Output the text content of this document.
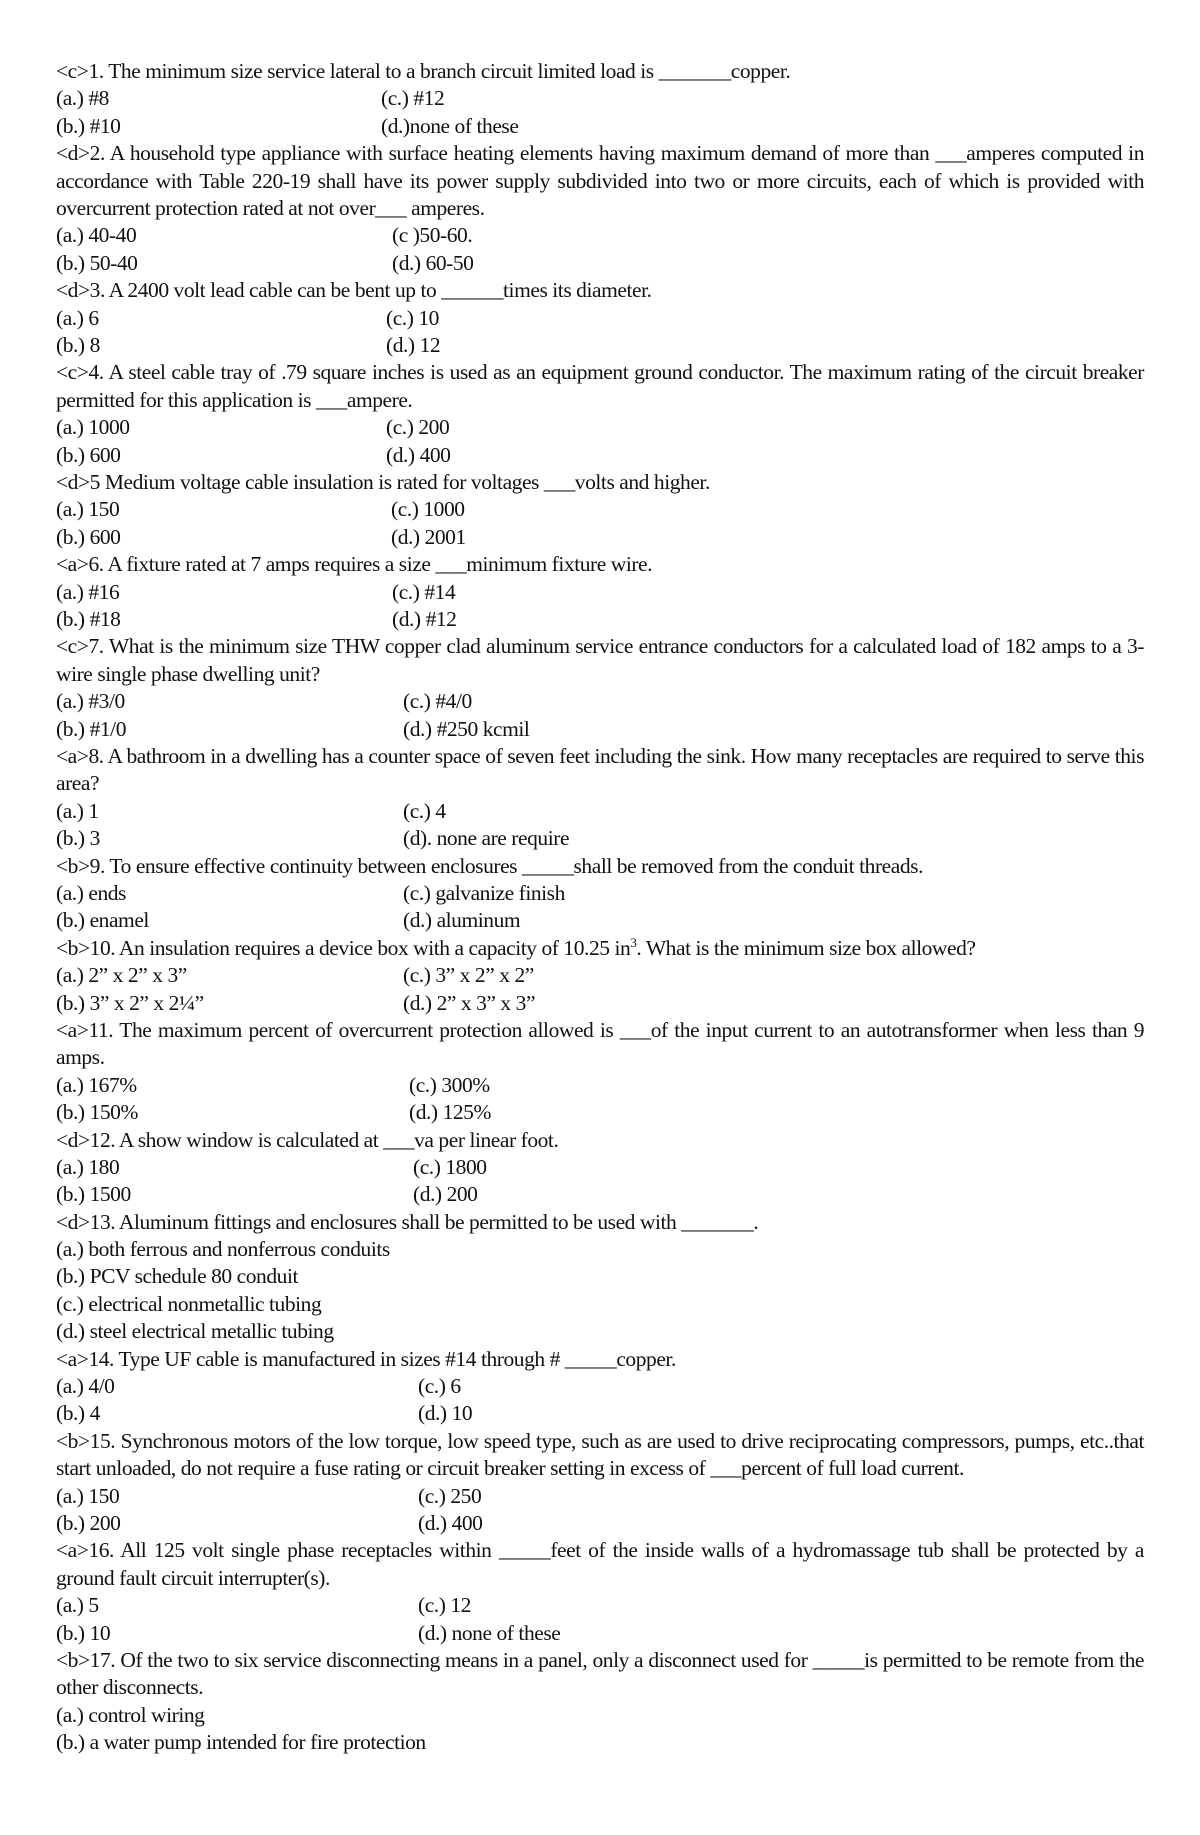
<c>1. The minimum size service lateral to a branch circuit limited load is _______copper.

(a.) #8	(c.) #12
(b.) #10	(d.)none of these

<d>2. A household type appliance with surface heating elements having maximum demand of more than ___amperes computed in accordance with Table 220-19 shall have its power supply subdivided into two or more circuits, each of which is provided with overcurrent protection rated at not over___ amperes.

(a.) 40-40	(c )50-60.
(b.) 50-40	(d.) 60-50

<d>3. A 2400 volt lead cable can be bent up to ______times its diameter.

(a.) 6	(c.) 10
(b.) 8	(d.) 12

<c>4. A steel cable tray of .79 square inches is used as an equipment ground conductor. The maximum rating of the circuit breaker permitted for this application is ___ampere.

(a.) 1000	(c.) 200
(b.) 600	(d.) 400

<d>5 Medium voltage cable insulation is rated for voltages ___volts and higher.

(a.) 150	(c.) 1000
(b.) 600	(d.) 2001

<a>6. A fixture rated at 7 amps requires a size ___minimum fixture wire.

(a.) #16	(c.) #14
(b.) #18	(d.) #12

<c>7. What is the minimum size THW copper clad aluminum service entrance conductors for a calculated load of 182 amps to a 3-wire single phase dwelling unit?

(a.) #3/0	(c.) #4/0
(b.) #1/0	(d.) #250 kcmil

<a>8. A bathroom in a dwelling has a counter space of seven feet including the sink. How many receptacles are required to serve this area?

(a.) 1	(c.) 4
(b.) 3	(d). none are require

<b>9. To ensure effective continuity between enclosures _____shall be removed from the conduit threads.

(a.) ends	(c.) galvanize finish
(b.) enamel	(d.) aluminum

<b>10. An insulation requires a device box with a capacity of 10.25 $in^3$. What is the minimum size box allowed?

(a.) 2” x 2” x 3”	(c.) 3” x 2” x 2”
(b.) 3” x 2” x 2¼”	(d.) 2” x 3” x 3”

<a>11. The maximum percent of overcurrent protection allowed is ___of the input current to an autotransformer when less than 9 amps.

(a.) 167%	(c.) 300%
(b.) 150%	(d.) 125%

<d>12. A show window is calculated at ___va per linear foot.

(a.) 180	(c.) 1800
(b.) 1500	(d.) 200

<d>13. Aluminum fittings and enclosures shall be permitted to be used with _______.

(a.) both ferrous and nonferrous conduits
(b.) PCV schedule 80 conduit
(c.) electrical nonmetallic tubing
(d.) steel electrical metallic tubing

<a>14. Type UF cable is manufactured in sizes #14 through # _____copper.

(a.) 4/0	(c.) 6
(b.) 4	(d.) 10

<b>15. Synchronous motors of the low torque, low speed type, such as are used to drive reciprocating compressors, pumps, etc..that start unloaded, do not require a fuse rating or circuit breaker setting in excess of ___percent of full load current.

(a.) 150	(c.) 250
(b.) 200	(d.) 400

<a>16. All 125 volt single phase receptacles within _____feet of the inside walls of a hydromassage tub shall be protected by a ground fault circuit interrupter(s).

(a.) 5	(c.) 12
(b.) 10	(d.) none of these

<b>17. Of the two to six service disconnecting means in a panel, only a disconnect used for _____is permitted to be remote from the other disconnects.

(a.) control wiring
(b.) a water pump intended for fire protection
